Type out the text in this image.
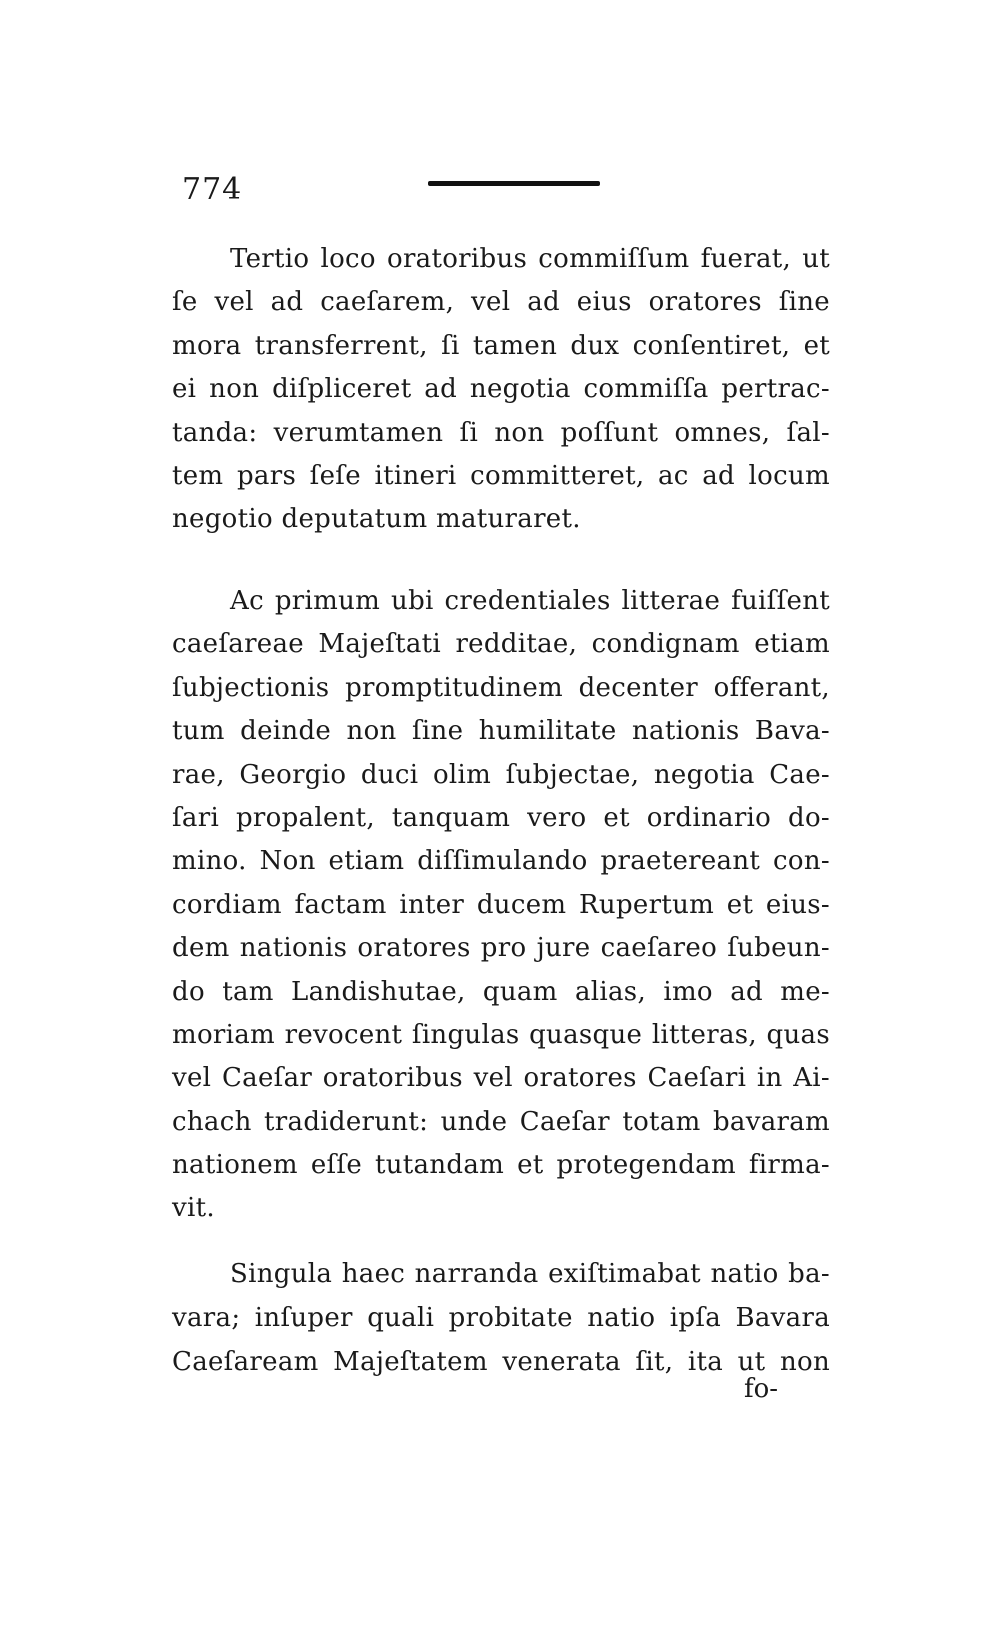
774
Tertio loco oratoribus commiſſum fuerat, ut
ſe vel ad caeſarem, vel ad eius oratores ſine
mora transferrent, ſi tamen dux conſentiret, et
ei non diſpliceret ad negotia commiſſa pertrac-
tanda: verumtamen ſi non poſſunt omnes, ſal-
tem pars ſeſe itineri committeret, ac ad locum
negotio deputatum maturaret.
Ac primum ubi credentiales litterae fuiſſent
caeſareae Majeſtati redditae, condignam etiam
ſubjectionis promptitudinem decenter offerant,
tum deinde non ſine humilitate nationis Bava-
rae, Georgio duci olim ſubjectae, negotia Cae-
ſari propalent, tanquam vero et ordinario do-
mino. Non etiam diſſimulando praetereant con-
cordiam factam inter ducem Rupertum et eius-
dem nationis oratores pro jure caeſareo ſubeun-
do tam Landishutae, quam alias, imo ad me-
moriam revocent ſingulas quasque litteras, quas
vel Caeſar oratoribus vel oratores Caeſari in Ai-
chach tradiderunt: unde Caeſar totam bavaram
nationem eſſe tutandam et protegendam firma-
vit.
Singula haec narranda exiſtimabat natio ba-
vara; inſuper quali probitate natio ipſa Bavara
Caeſaream Majeſtatem venerata ſit, ita ut non
fo-
